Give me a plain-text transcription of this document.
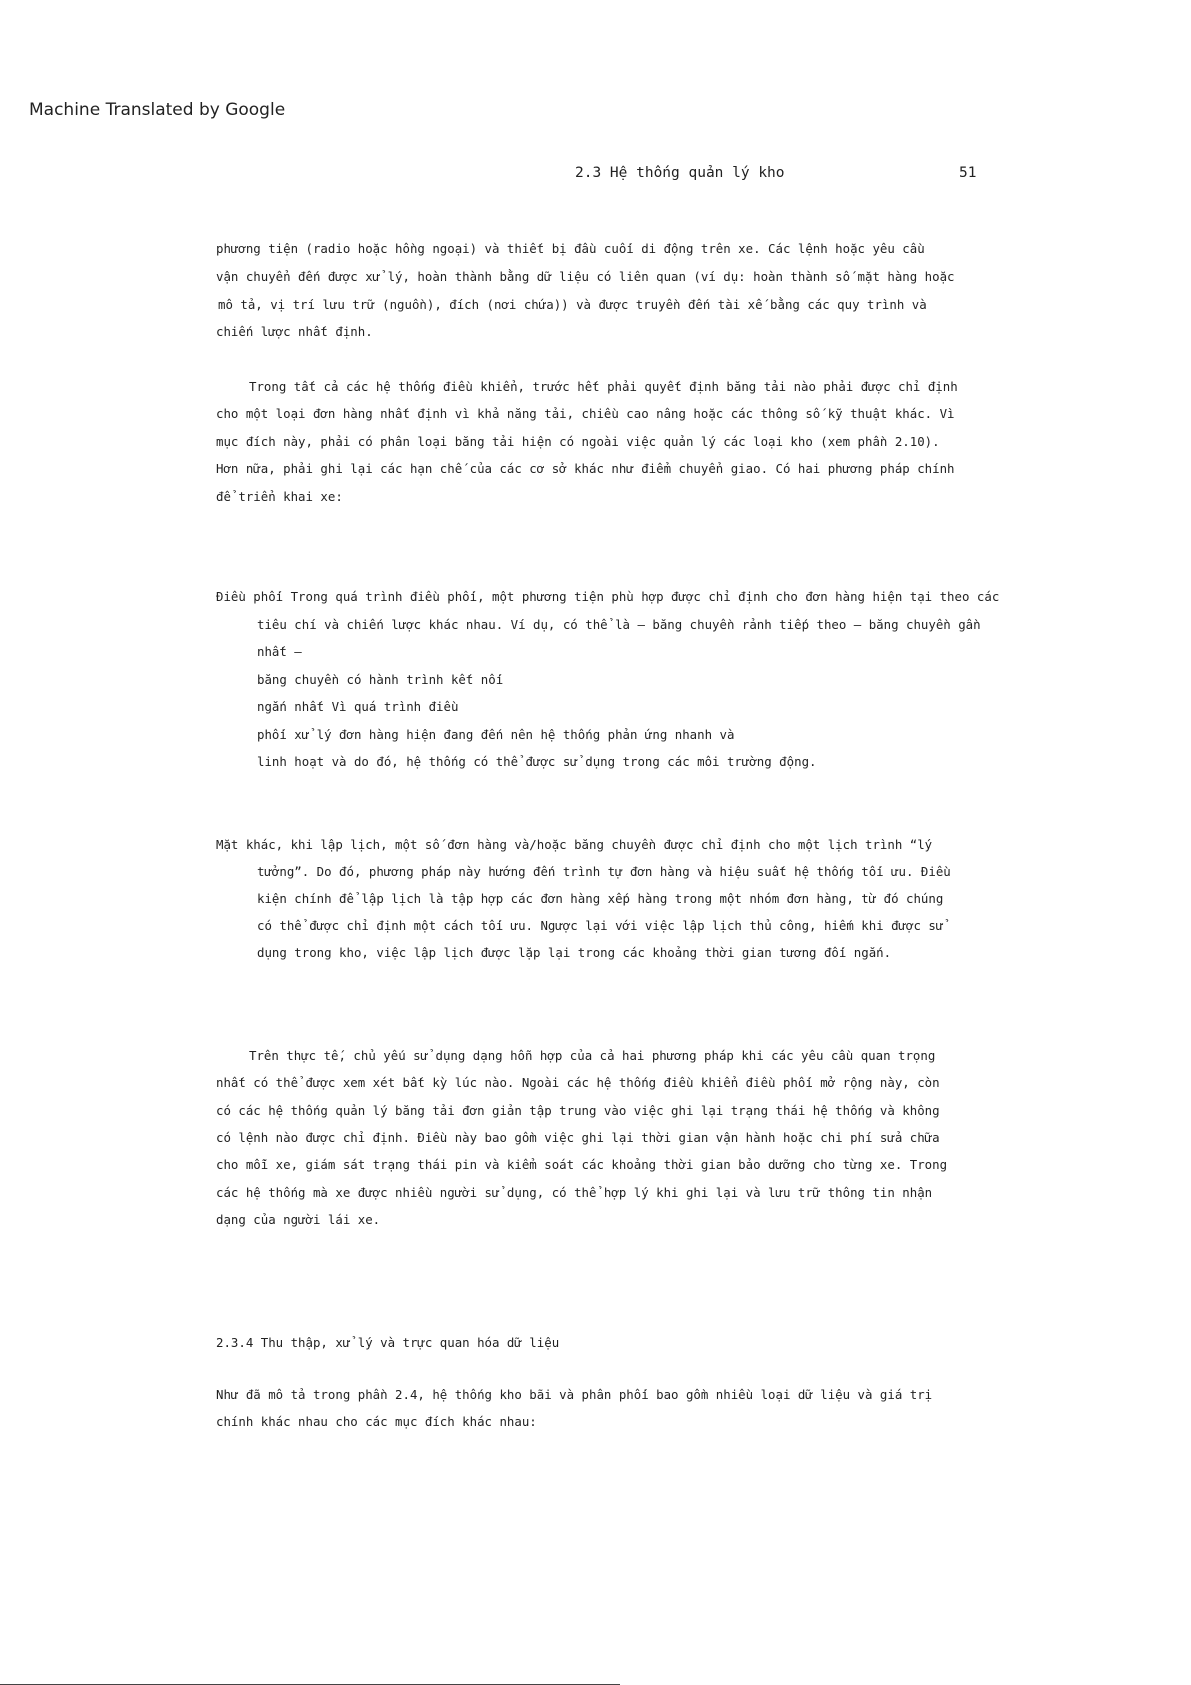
Machine Translated by Google
2.3 Hệ thống quản lý kho	51
phương tiện (radio hoặc hồng ngoại) và thiết bị đầu cuối di động trên xe. Các lệnh hoặc yêu cầu
vận chuyển đến được xử lý, hoàn thành bằng dữ liệu có liên quan (ví dụ: hoàn thành số mặt hàng hoặc
mô tả, vị trí lưu trữ (nguồn), đích (nơi chứa)) và được truyền đến tài xế bằng các quy trình và
chiến lược nhất định.
Trong tất cả các hệ thống điều khiển, trước hết phải quyết định băng tải nào phải được chỉ định
cho một loại đơn hàng nhất định vì khả năng tải, chiều cao nâng hoặc các thông số kỹ thuật khác. Vì
mục đích này, phải có phân loại băng tải hiện có ngoài việc quản lý các loại kho (xem phần 2.10).
Hơn nữa, phải ghi lại các hạn chế của các cơ sở khác như điểm chuyển giao. Có hai phương pháp chính
để triển khai xe:
Điều phối Trong quá trình điều phối, một phương tiện phù hợp được chỉ định cho đơn hàng hiện tại theo các
tiêu chí và chiến lược khác nhau. Ví dụ, có thể là – băng chuyền rảnh tiếp theo – băng chuyền gần
nhất –
băng chuyền có hành trình kết nối
ngắn nhất Vì quá trình điều
phối xử lý đơn hàng hiện đang đến nên hệ thống phản ứng nhanh và
linh hoạt và do đó, hệ thống có thể được sử dụng trong các môi trường động.
Mặt khác, khi lập lịch, một số đơn hàng và/hoặc băng chuyền được chỉ định cho một lịch trình “lý
tưởng”. Do đó, phương pháp này hướng đến trình tự đơn hàng và hiệu suất hệ thống tối ưu. Điều
kiện chính để lập lịch là tập hợp các đơn hàng xếp hàng trong một nhóm đơn hàng, từ đó chúng
có thể được chỉ định một cách tối ưu. Ngược lại với việc lập lịch thủ công, hiếm khi được sử
dụng trong kho, việc lập lịch được lặp lại trong các khoảng thời gian tương đối ngắn.
Trên thực tế, chủ yếu sử dụng dạng hỗn hợp của cả hai phương pháp khi các yêu cầu quan trọng
nhất có thể được xem xét bất kỳ lúc nào. Ngoài các hệ thống điều khiển điều phối mở rộng này, còn
có các hệ thống quản lý băng tải đơn giản tập trung vào việc ghi lại trạng thái hệ thống và không
có lệnh nào được chỉ định. Điều này bao gồm việc ghi lại thời gian vận hành hoặc chi phí sửa chữa
cho mỗi xe, giám sát trạng thái pin và kiểm soát các khoảng thời gian bảo dưỡng cho từng xe. Trong
các hệ thống mà xe được nhiều người sử dụng, có thể hợp lý khi ghi lại và lưu trữ thông tin nhận
dạng của người lái xe.
2.3.4 Thu thập, xử lý và trực quan hóa dữ liệu
Như đã mô tả trong phần 2.4, hệ thống kho bãi và phân phối bao gồm nhiều loại dữ liệu và giá trị
chính khác nhau cho các mục đích khác nhau:
